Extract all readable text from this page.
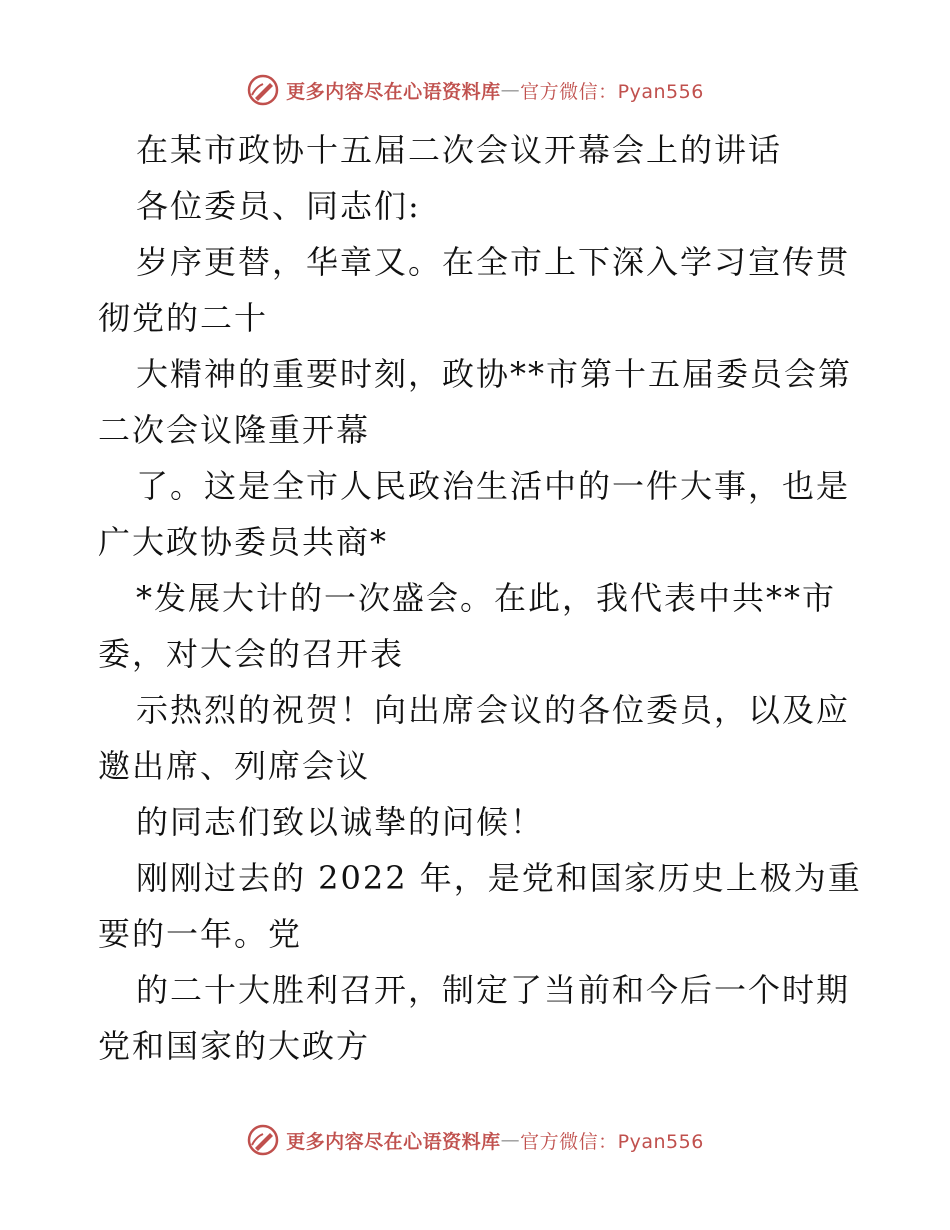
更多内容尽在心语资料库 — 官方微信：Pyan556
在某市政协十五届二次会议开幕会上的讲话
各位委员、同志们:
岁序更替，华章又。在全市上下深入学习宣传贯
彻党的二十
大精神的重要时刻，政协**市第十五届委员会第
二次会议隆重开幕
了。这是全市人民政治生活中的一件大事，也是
广大政协委员共商*
*发展大计的一次盛会。在此，我代表中共**市
委，对大会的召开表
示热烈的祝贺！向出席会议的各位委员，以及应
邀出席、列席会议
的同志们致以诚挚的问候！
刚刚过去的 2022 年，是党和国家历史上极为重
要的一年。党
的二十大胜利召开，制定了当前和今后一个时期
党和国家的大政方
更多内容尽在心语资料库 — 官方微信：Pyan556
